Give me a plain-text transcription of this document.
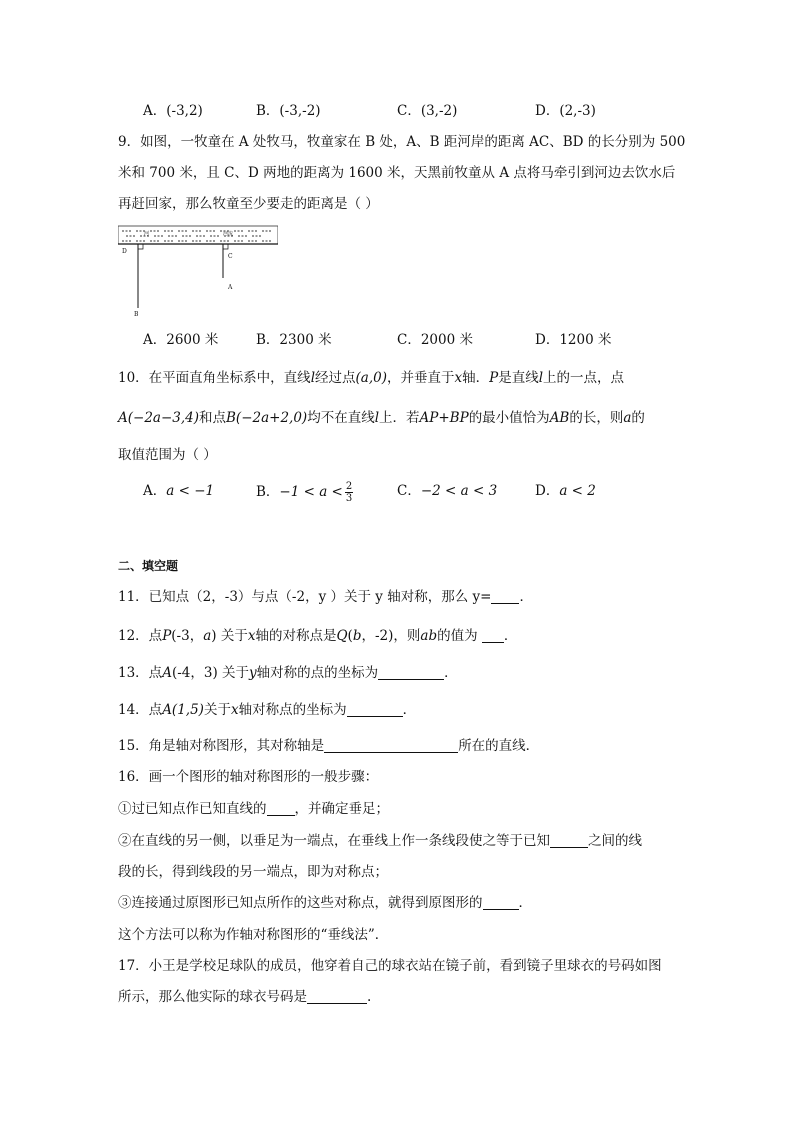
A．(-3,2)	B．(-3,-2)	C．(3,-2)	D．(2,-3)
9．如图，一牧童在 A 处牧马，牧童家在 B 处，A、B 距河岸的距离 AC、BD 的长分别为 500
米和 700 米，且 C、D 两地的距离为 1600 米，天黑前牧童从 A 点将马牵引到河边去饮水后
再赶回家，那么牧童至少要走的距离是（ ）
河	河流
D
C
A
B
A．2600 米	B．2300 米	C．2000 米	D．1200 米
10．在平面直角坐标系中，直线l经过点(a,0)，并垂直于x轴．P是直线l上的一点，点
A(−2a−3,4)和点B(−2a+2,0)均不在直线l上．若AP+BP的最小值恰为AB的长，则a的
取值范围为（ ）
A．a < −1	B．$-1 < a < \frac{2}{3}$	C．−2 < a < 3	D．a < 2
二、填空题
11．已知点（2，-3）与点（-2，y ）关于 y 轴对称，那么 y= ．
12．点P(-3，a) 关于x轴的对称点是Q(b，-2)，则ab的值为 ．
13．点A(-4，3) 关于y轴对称的点的坐标为	．
14．点A(1,5)关于x轴对称点的坐标为	．
15．角是轴对称图形，其对称轴是	所在的直线．
16．画一个图形的轴对称图形的一般步骤：
①过已知点作已知直线的 ，并确定垂足；
②在直线的另一侧，以垂足为一端点，在垂线上作一条线段使之等于已知	之间的线
段的长，得到线段的另一端点，即为对称点；
③连接通过原图形已知点所作的这些对称点，就得到原图形的	．
这个方法可以称为作轴对称图形的“垂线法”．
17．小王是学校足球队的成员，他穿着自己的球衣站在镜子前，看到镜子里球衣的号码如图
所示，那么他实际的球衣号码是	.
